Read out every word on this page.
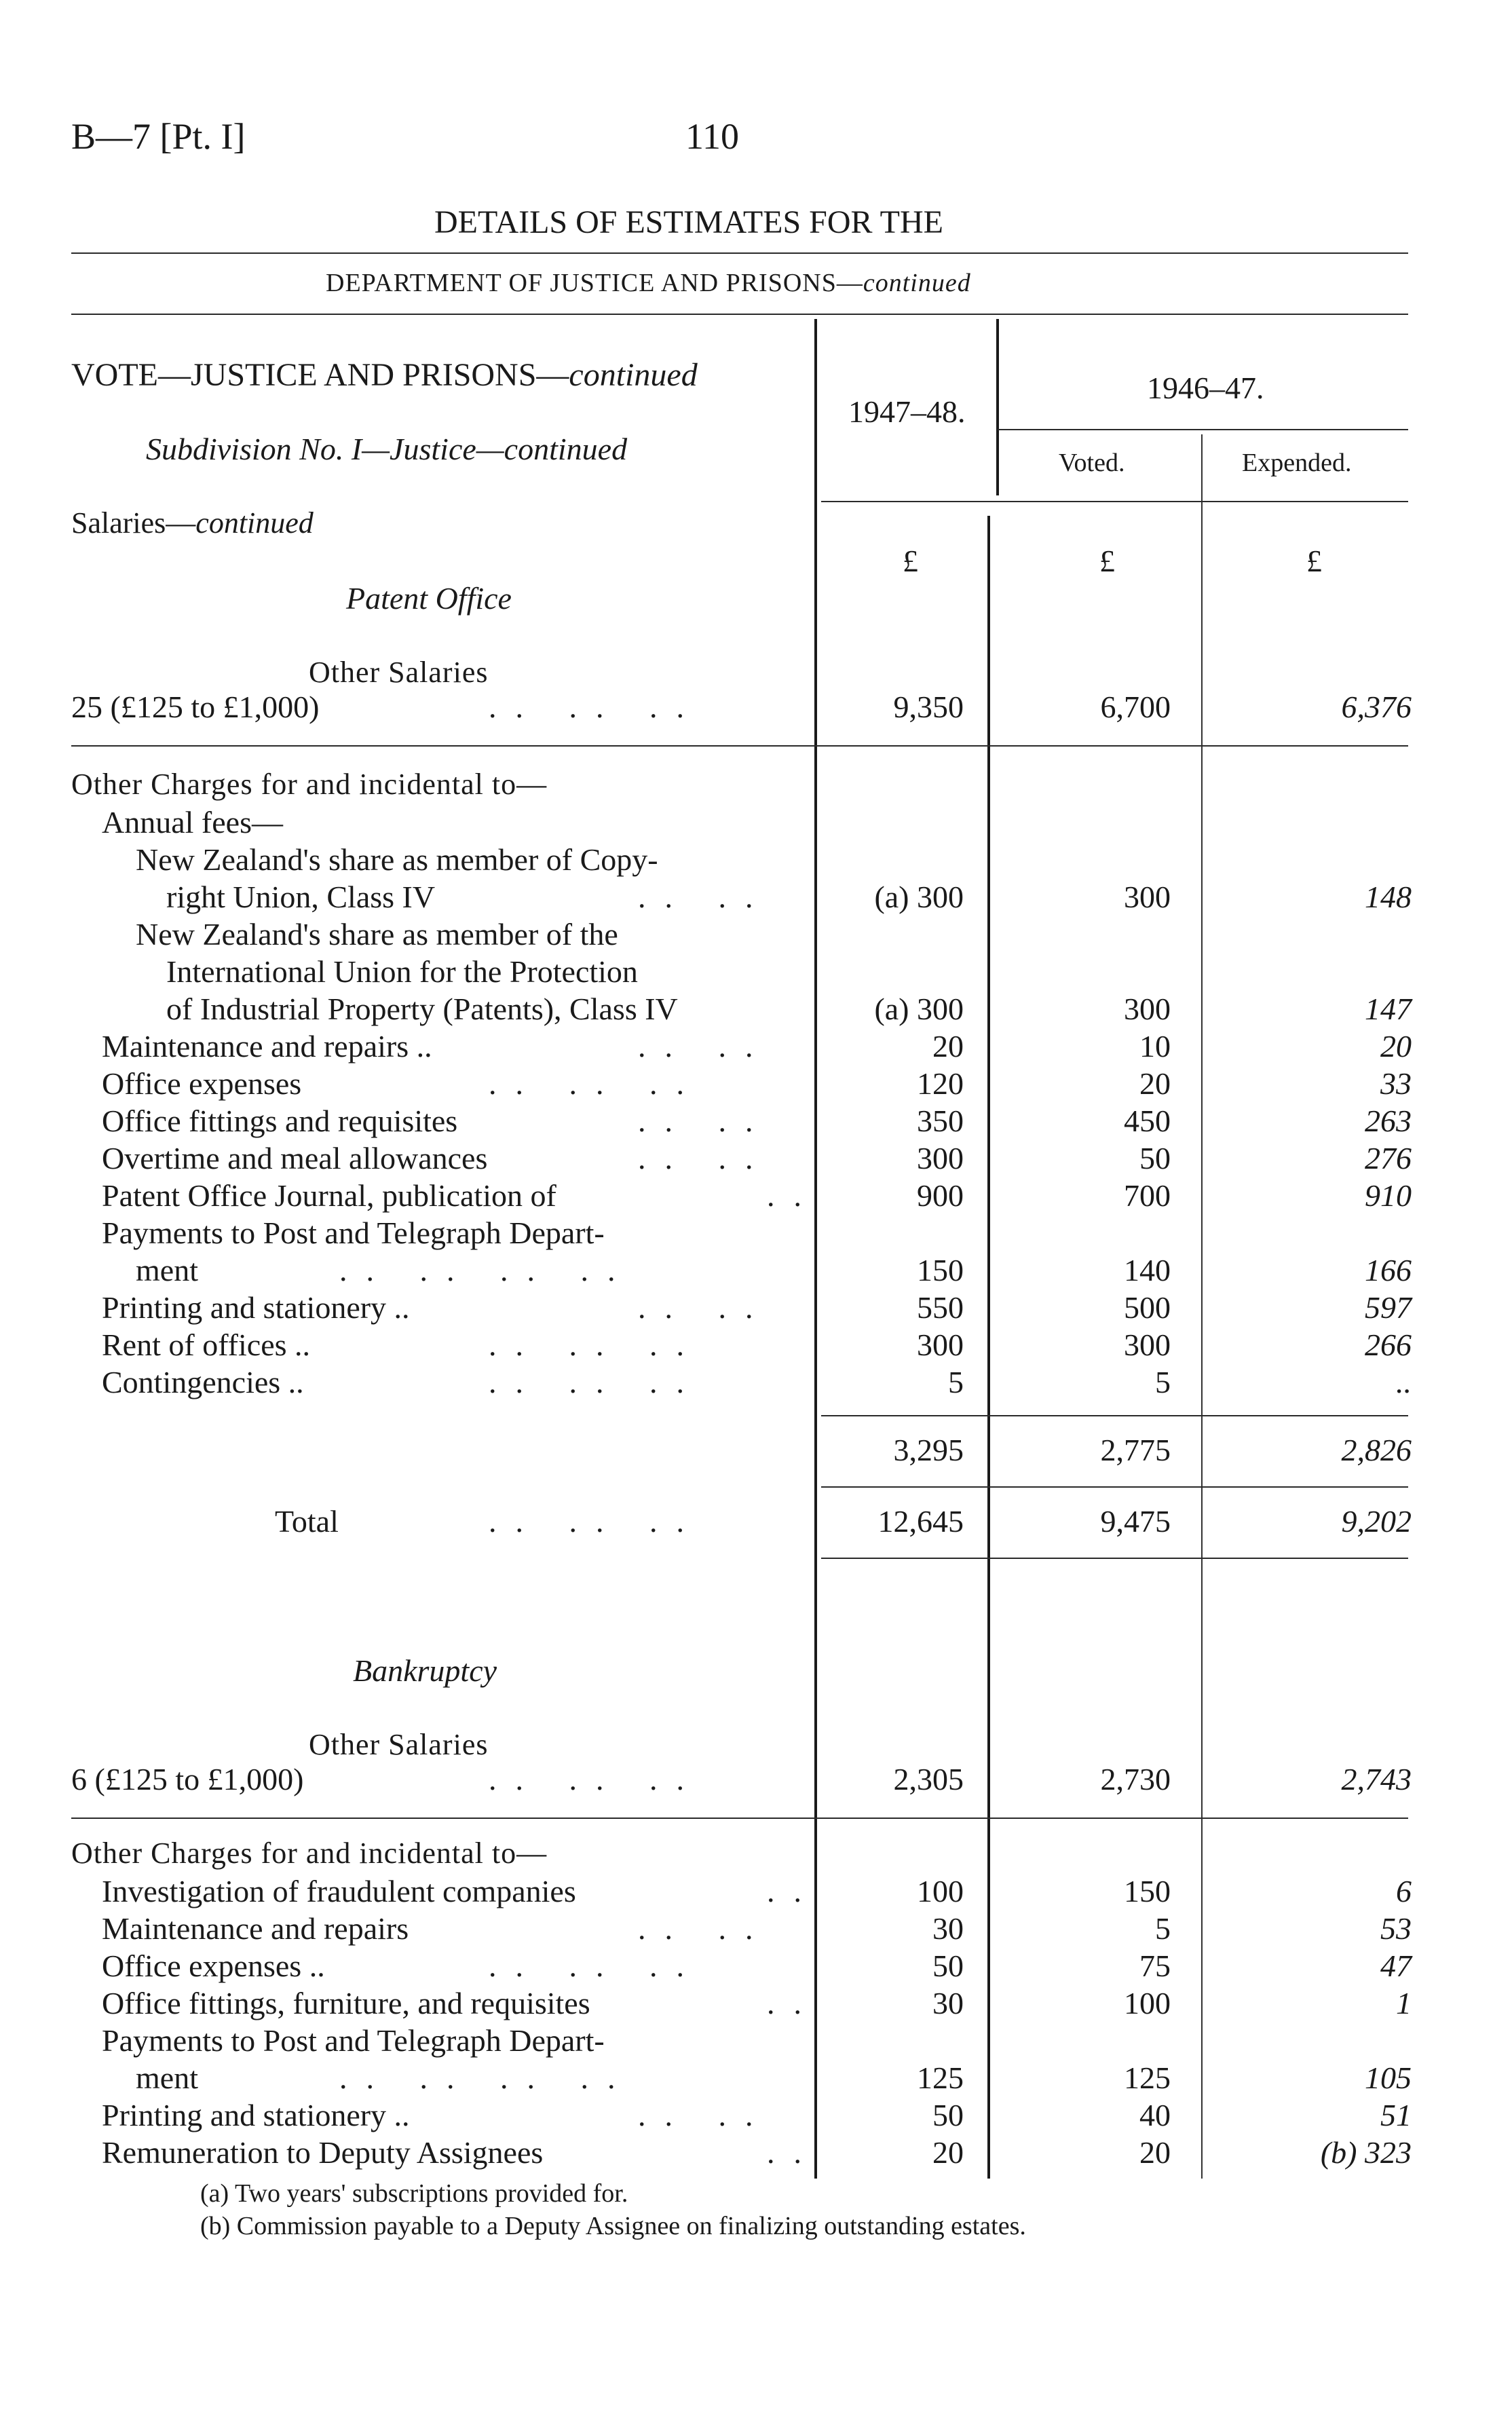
B—7 [Pt. I]	110
DETAILS OF ESTIMATES FOR THE
DEPARTMENT OF JUSTICE AND PRISONS—continued
1947–48.
1946–47.
Voted.	Expended.
£	£	£
VOTE—JUSTICE AND PRISONS—continued
Subdivision No. I—Justice—continued
Salaries—continued
Patent Office
Other Salaries
25 (£125 to £1,000)	.. .. ..	9,350	6,700	6,376
Other Charges for and incidental to—
Annual fees—
New Zealand's share as member of Copy-
right Union, Class IV	(a) 300	300	148
New Zealand's share as member of the
International Union for the Protection
of Industrial Property (Patents), Class IV	(a) 300	300	147
Maintenance and repairs ..	20	10	20
Office expenses	120	20	33
Office fittings and requisites	350	450	263
Overtime and meal allowances	300	50	276
Patent Office Journal, publication of	900	700	910
Payments to Post and Telegraph Depart-
ment	150	140	166
Printing and stationery ..	550	500	597
Rent of offices ..	300	300	266
Contingencies ..	5	5	..
.. ..
.. ..
.. .. ..
.. ..
.. ..
..
.. .. .. ..
.. ..
.. .. ..
.. .. ..
3,295	2,775	2,826
Total	.. .. ..	12,645	9,475	9,202
Bankruptcy
Other Salaries
6 (£125 to £1,000)	.. .. ..	2,305	2,730	2,743
Other Charges for and incidental to—
Investigation of fraudulent companies	100	150	6
Maintenance and repairs	30	5	53
Office expenses ..	50	75	47
Office fittings, furniture, and requisites	30	100	1
Payments to Post and Telegraph Depart-
ment	125	125	105
Printing and stationery ..	50	40	51
Remuneration to Deputy Assignees	20	20	(b) 323
..
.. ..
.. .. ..
..
.. .. .. ..
.. ..
..
(a) Two years' subscriptions provided for.
(b) Commission payable to a Deputy Assignee on finalizing outstanding estates.
